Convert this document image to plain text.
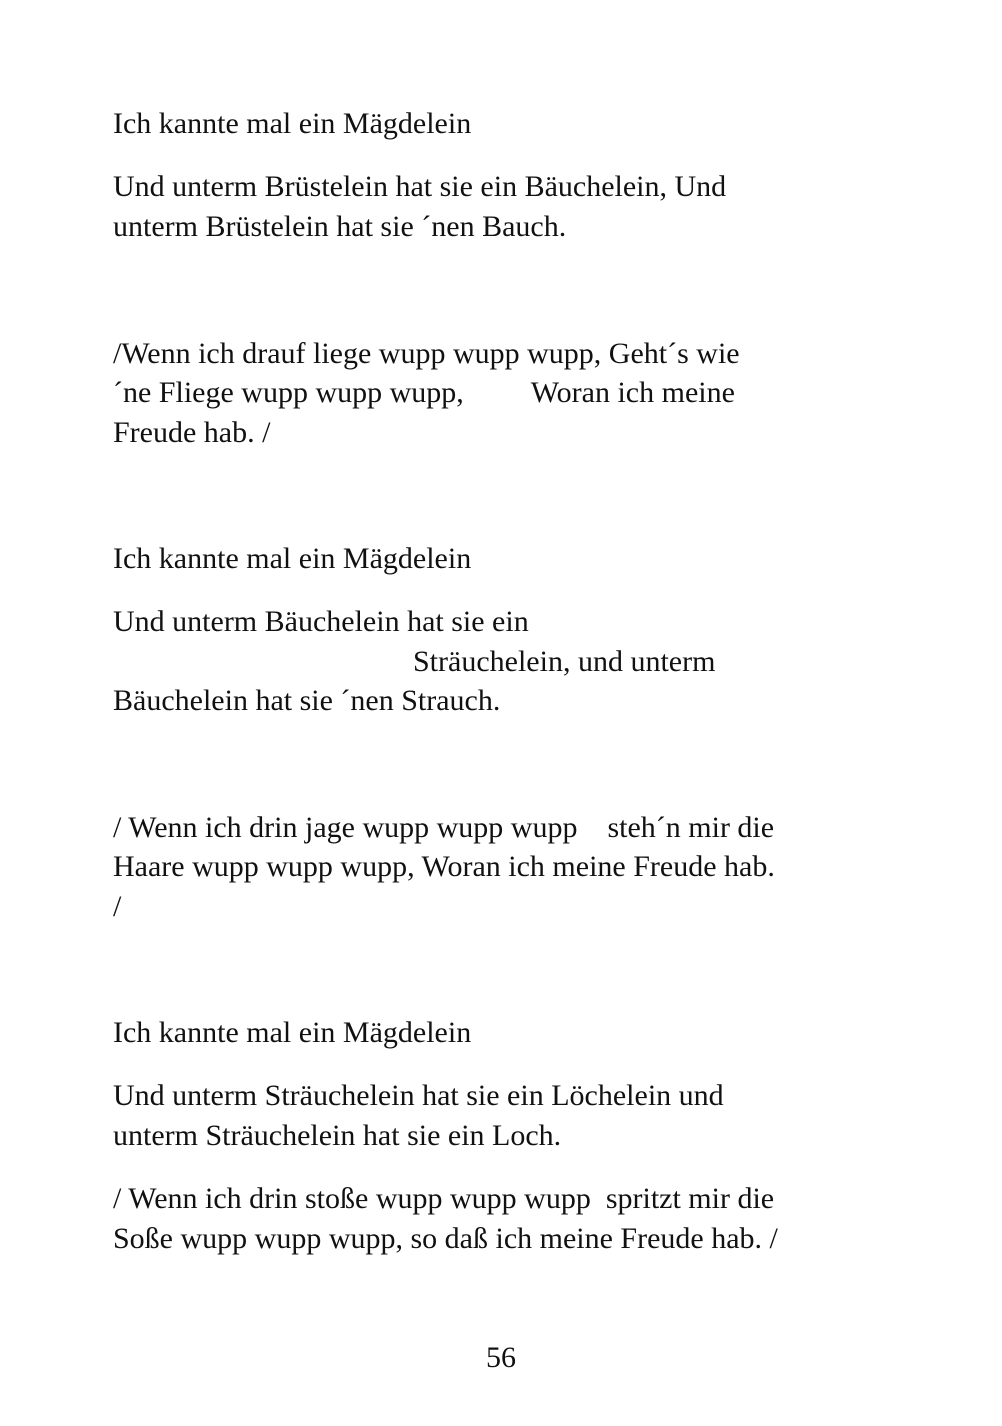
Ich kannte mal ein Mägdelein

Und unterm Brüstelein hat sie ein Bäuchelein, Und

unterm Brüstelein hat sie ´nen Bauch.

/Wenn ich drauf liege wupp wupp wupp, Geht´s wie

´ne Fliege wupp wupp wupp,         Woran ich meine

Freude hab. /

Ich kannte mal ein Mägdelein

Und unterm Bäuchelein hat sie ein

Sträuchelein, und unterm

Bäuchelein hat sie ´nen Strauch.

/ Wenn ich drin jage wupp wupp wupp    steh´n mir die

Haare wupp wupp wupp, Woran ich meine Freude hab.

/

Ich kannte mal ein Mägdelein

Und unterm Sträuchelein hat sie ein Löchelein und

unterm Sträuchelein hat sie ein Loch.

/ Wenn ich drin stoße wupp wupp wupp  spritzt mir die

Soße wupp wupp wupp, so daß ich meine Freude hab. /

56
